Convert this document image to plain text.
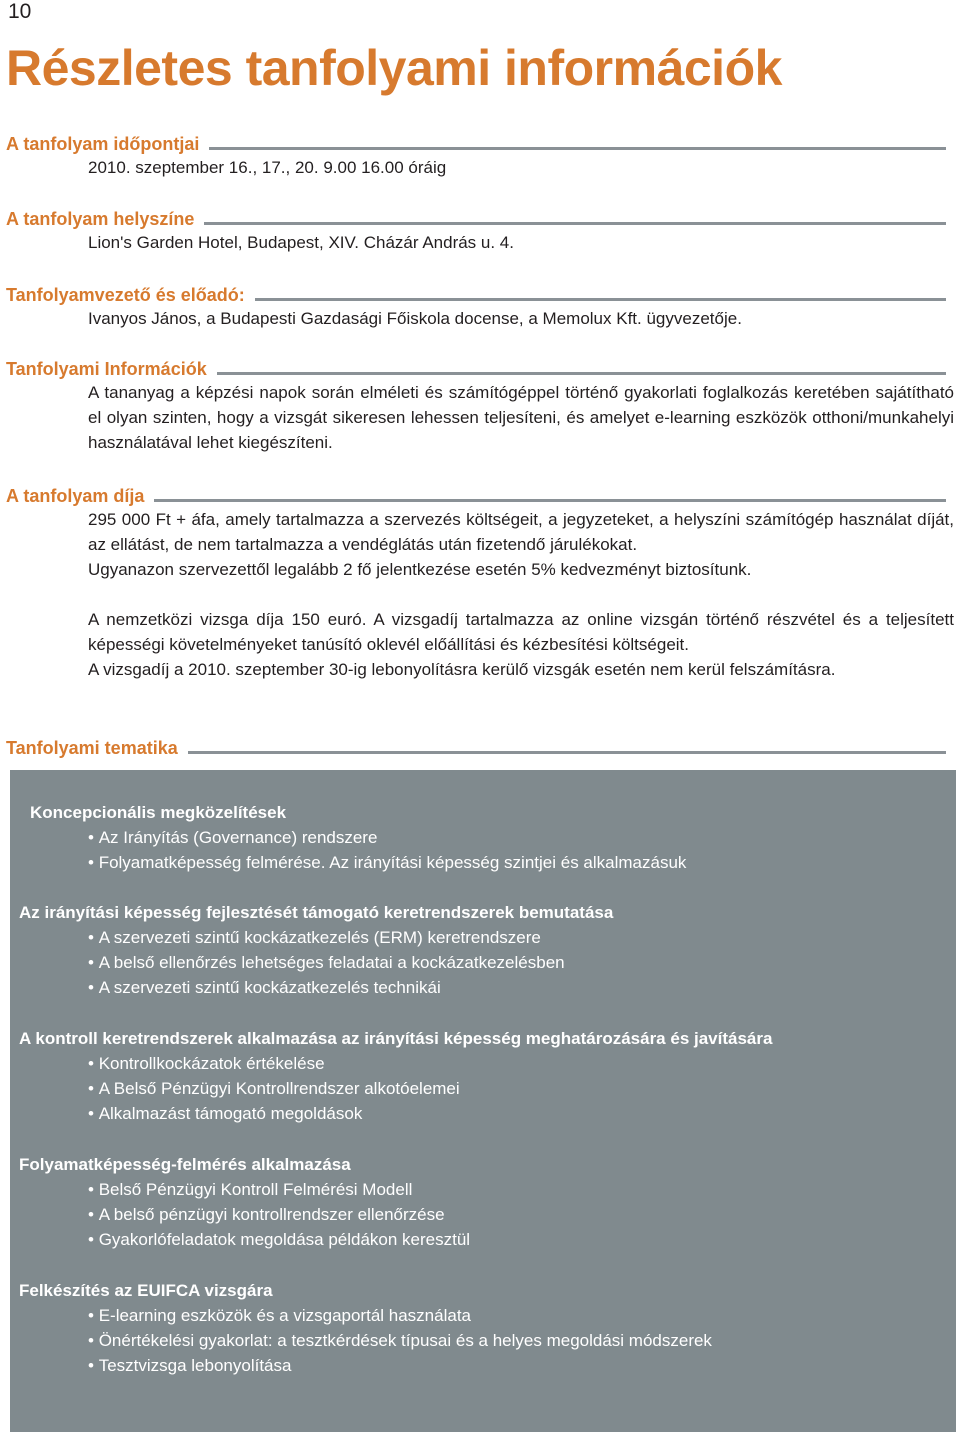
10
Részletes tanfolyami információk
A tanfolyam időpontjai

2010. szeptember 16., 17., 20. 9.00 16.00 óráig

A tanfolyam helyszíne

Lion's Garden Hotel, Budapest, XIV. Cházár András u. 4.

Tanfolyamvezető és előadó:

Ivanyos János, a Budapesti Gazdasági Főiskola docense, a Memolux Kft. ügyvezetője.

Tanfolyami Információk

A tananyag a képzési napok során elméleti és számítógéppel történő gyakorlati foglalkozás keretében sajátítható el olyan szinten, hogy a vizsgát sikeresen lehessen teljesíteni, és amelyet e-learning eszközök otthoni/munkahelyi használatával lehet kiegészíteni.

A tanfolyam díja

295 000 Ft + áfa, amely tartalmazza a szervezés költségeit, a jegyzeteket, a helyszíni számítógép használat díját, az ellátást, de nem tartalmazza a vendéglátás után fizetendő járulékokat.

Ugyanazon szervezettől legalább 2 fő jelentkezése esetén 5% kedvezményt biztosítunk.

A nemzetközi vizsga díja 150 euró. A vizsgadíj tartalmazza az online vizsgán történő részvétel és a teljesített képességi követelményeket tanúsító oklevél előállítási és kézbesítési költségeit.

A vizsgadíj a 2010. szeptember 30-ig lebonyolításra kerülő vizsgák esetén nem kerül felszámításra.

Tanfolyami tematika
Koncepcionális megközelítések
• Az Irányítás (Governance) rendszere
• Folyamatképesség felmérése. Az irányítási képesség szintjei és alkalmazásuk
Az irányítási képesség fejlesztését támogató keretrendszerek bemutatása
• A szervezeti szintű kockázatkezelés (ERM) keretrendszere
• A belső ellenőrzés lehetséges feladatai a kockázatkezelésben
• A szervezeti szintű kockázatkezelés technikái
A kontroll keretrendszerek alkalmazása az irányítási képesség meghatározására és javítására
• Kontrollkockázatok értékelése
• A Belső Pénzügyi Kontrollrendszer alkotóelemei
• Alkalmazást támogató megoldások
Folyamatképesség-felmérés alkalmazása
• Belső Pénzügyi Kontroll Felmérési Modell
• A belső pénzügyi kontrollrendszer ellenőrzése
• Gyakorlófeladatok megoldása példákon keresztül
Felkészítés az EUIFCA vizsgára
• E-learning eszközök és a vizsgaportál használata
• Önértékelési gyakorlat: a tesztkérdések típusai és a helyes megoldási módszerek
• Tesztvizsga lebonyolítása
